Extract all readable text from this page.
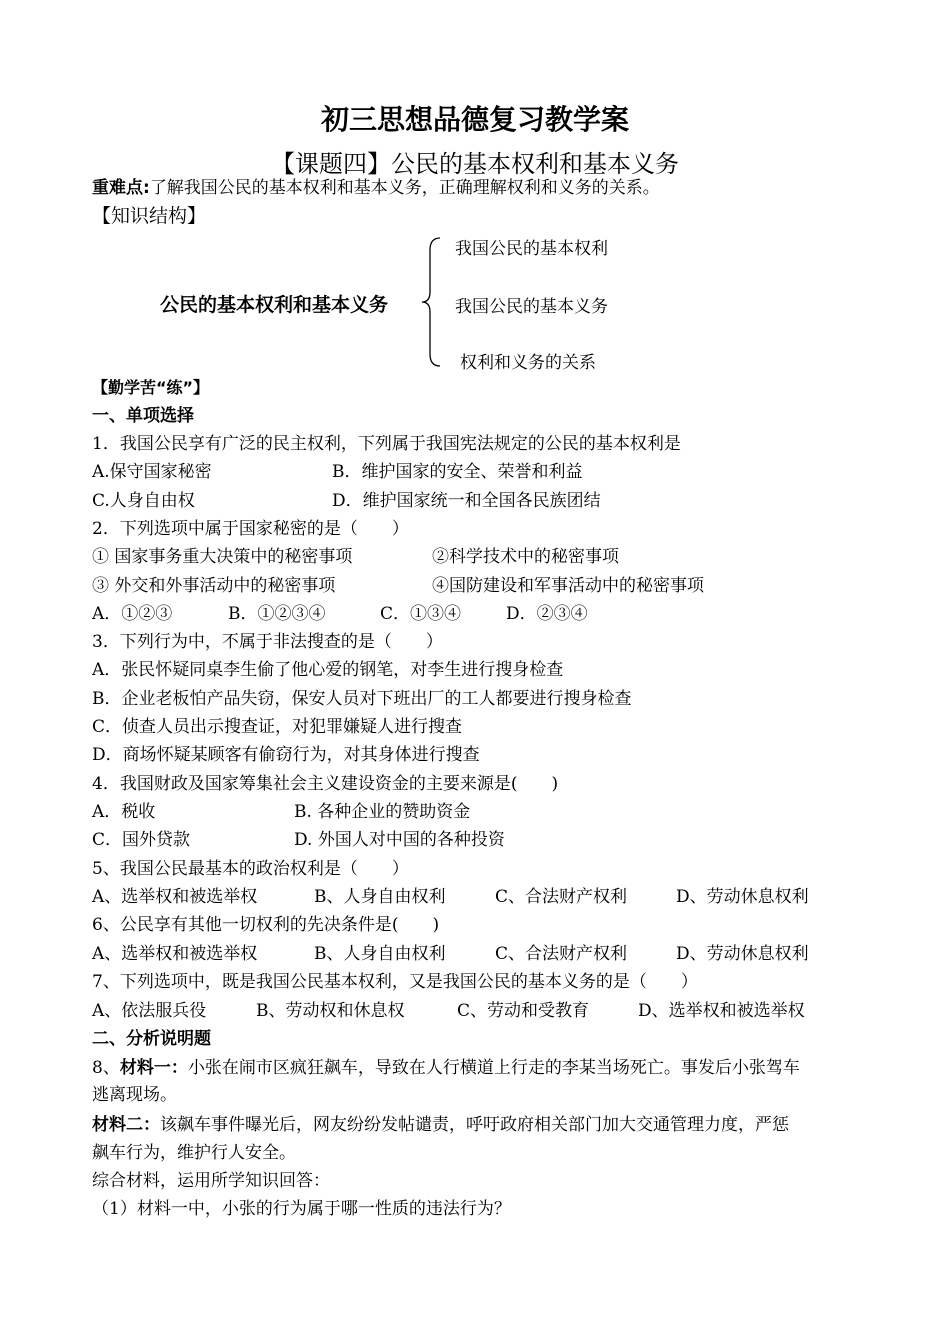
初三思想品德复习教学案
【课题四】公民的基本权利和基本义务
重难点:了解我国公民的基本权利和基本义务，正确理解权利和义务的关系。
【知识结构】
公民的基本权利和基本义务
我国公民的基本权利
我国公民的基本义务
权利和义务的关系
【勤学苦“练”】
一、单项选择
1．我国公民享有广泛的民主权利，下列属于我国宪法规定的公民的基本权利是
A.保守国家秘密	B．维护国家的安全、荣誉和利益
C.人身自由权	D．维护国家统一和全国各民族团结
2．下列选项中属于国家秘密的是（　　）
① 国家事务重大决策中的秘密事项	②科学技术中的秘密事项
③ 外交和外事活动中的秘密事项	④国防建设和军事活动中的秘密事项
A．①②③	B．①②③④	C．①③④	D．②③④
3．下列行为中，不属于非法搜查的是（　　）
A．张民怀疑同桌李生偷了他心爱的钢笔，对李生进行搜身检查
B．企业老板怕产品失窃，保安人员对下班出厂的工人都要进行搜身检查
C．侦查人员出示搜查证，对犯罪嫌疑人进行搜查
D．商场怀疑某顾客有偷窃行为，对其身体进行搜查
4．我国财政及国家筹集社会主义建设资金的主要来源是(　　)
A．税收	B. 各种企业的赞助资金
C．国外贷款	D. 外国人对中国的各种投资
5、我国公民最基本的政治权利是（　　）
A、选举权和被选举权	B、人身自由权利	C、合法财产权利	D、劳动休息权利
6、公民享有其他一切权利的先决条件是(　　)
A、选举权和被选举权	B、人身自由权利	C、合法财产权利	D、劳动休息权利
7、下列选项中，既是我国公民基本权利，又是我国公民的基本义务的是（　　）
A、依法服兵役	B、劳动权和休息权	C、劳动和受教育	D、选举权和被选举权
二、分析说明题
8、材料一：小张在闹市区疯狂飙车，导致在人行横道上行走的李某当场死亡。事发后小张驾车
逃离现场。
材料二：该飙车事件曝光后，网友纷纷发帖谴责，呼吁政府相关部门加大交通管理力度，严惩
飙车行为，维护行人安全。
综合材料，运用所学知识回答：
（1）材料一中，小张的行为属于哪一性质的违法行为？
